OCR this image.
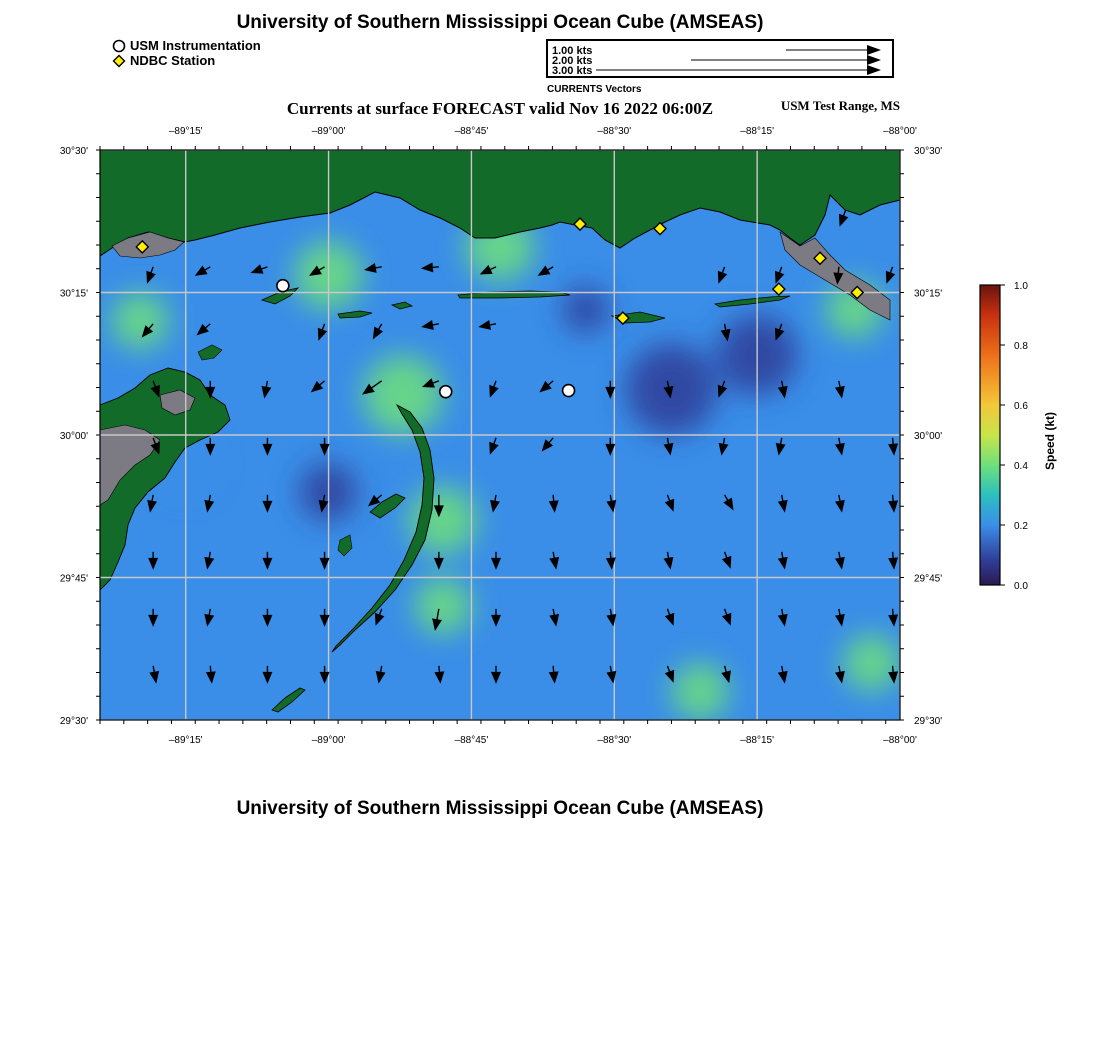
University of Southern Mississippi Ocean Cube (AMSEAS)
USM Instrumentation
NDBC Station
1.00 kts
2.00 kts
3.00 kts
CURRENTS Vectors
Currents at surface FORECAST valid Nov 16 2022 06:00Z	USM Test Range, MS
–89°15'
–89°15'
–89°00'
–89°00'
–88°45'
–88°45'
–88°30'
–88°30'
–88°15'
–88°15'
–88°00'
–88°00'
30°30'	30°30'
30°15'	30°15'
30°00'	30°00'
29°45'	29°45'
29°30'	29°30'
1.0
0.8
0.6
0.4
0.2
0.0
Speed (kt)
University of Southern Mississippi Ocean Cube (AMSEAS)
